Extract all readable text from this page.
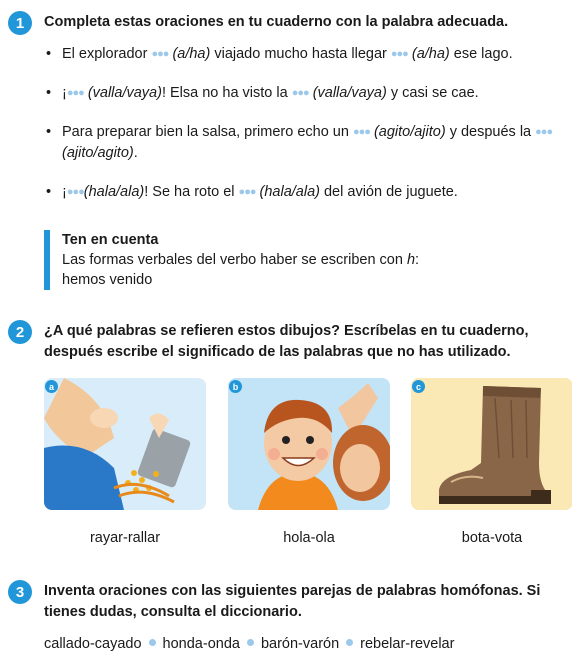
1	Completa estas oraciones en tu cuaderno con la palabra adecuada.
• El explorador ●●● (a/ha) viajado mucho hasta llegar ●●● (a/ha) ese lago.
• ¡●●● (valla/vaya)! Elsa no ha visto la ●●● (valla/vaya) y casi se cae.
• Para preparar bien la salsa, primero echo un ●●● (agito/ajito) y después la ●●● (ajito/agito).
• ¡●●●(hala/ala)! Se ha roto el ●●● (hala/ala) del avión de juguete.
Ten en cuenta
Las formas verbales del verbo haber se escriben con h:
hemos venido
2	¿A qué palabras se refieren estos dibujos? Escríbelas en tu cuaderno,
después escribe el significado de las palabras que no has utilizado.
a
rayar-rallar
b
hola-ola
c
bota-vota
3	Inventa oraciones con las siguientes parejas de palabras homófonas. Si
tienes dudas, consulta el diccionario.
callado-cayado honda-onda barón-varón rebelar-revelar
